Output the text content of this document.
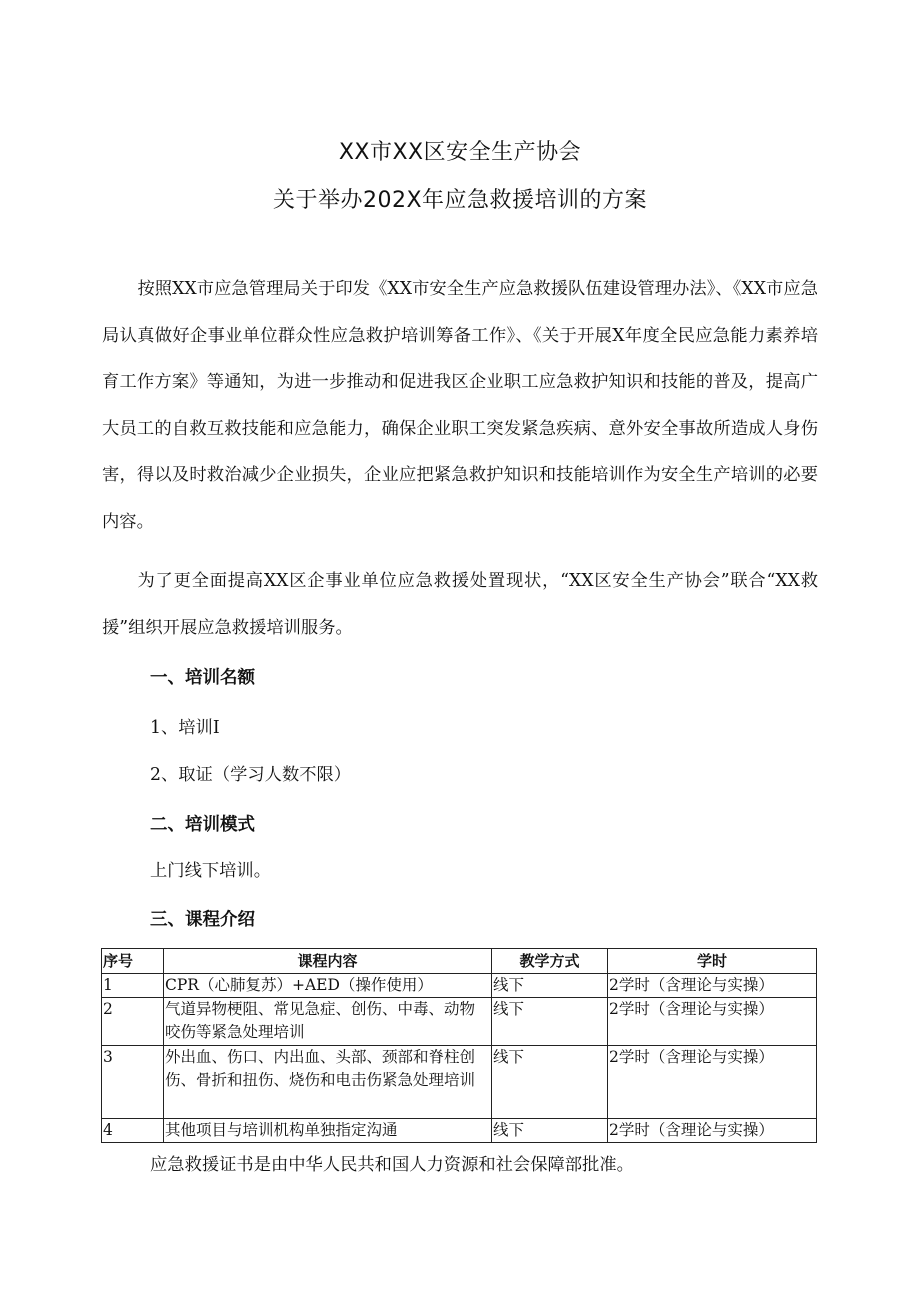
XX市XX区安全生产协会
关于举办202X年应急救援培训的方案

按照XX市应急管理局关于印发《XX市安全生产应急救援队伍建设管理办法》、《XX市应急局认真做好企事业单位群众性应急救护培训筹备工作》、《关于开展X年度全民应急能力素养培育工作方案》等通知，为进一步推动和促进我区企业职工应急救护知识和技能的普及，提高广大员工的自救互救技能和应急能力，确保企业职工突发紧急疾病、意外安全事故所造成人身伤害，得以及时救治减少企业损失，企业应把紧急救护知识和技能培训作为安全生产培训的必要内容。

为了更全面提高XX区企事业单位应急救援处置现状，“XX区安全生产协会”联合“XX救援”组织开展应急救援培训服务。

一、培训名额
1、培训I
2、取证（学习人数不限）
二、培训模式
上门线下培训。
三、课程介绍
序号	课程内容	教学方式	学时
1	CPR（心肺复苏）+AED（操作使用）	线下	2学时（含理论与实操）
2	气道异物梗阻、常见急症、创伤、中毒、动物咬伤等紧急处理培训	线下	2学时（含理论与实操）
3	外出血、伤口、内出血、头部、颈部和脊柱创伤、骨折和扭伤、烧伤和电击伤紧急处理培训	线下	2学时（含理论与实操）
4	其他项目与培训机构单独指定沟通	线下	2学时（含理论与实操）
应急救援证书是由中华人民共和国人力资源和社会保障部批准。
